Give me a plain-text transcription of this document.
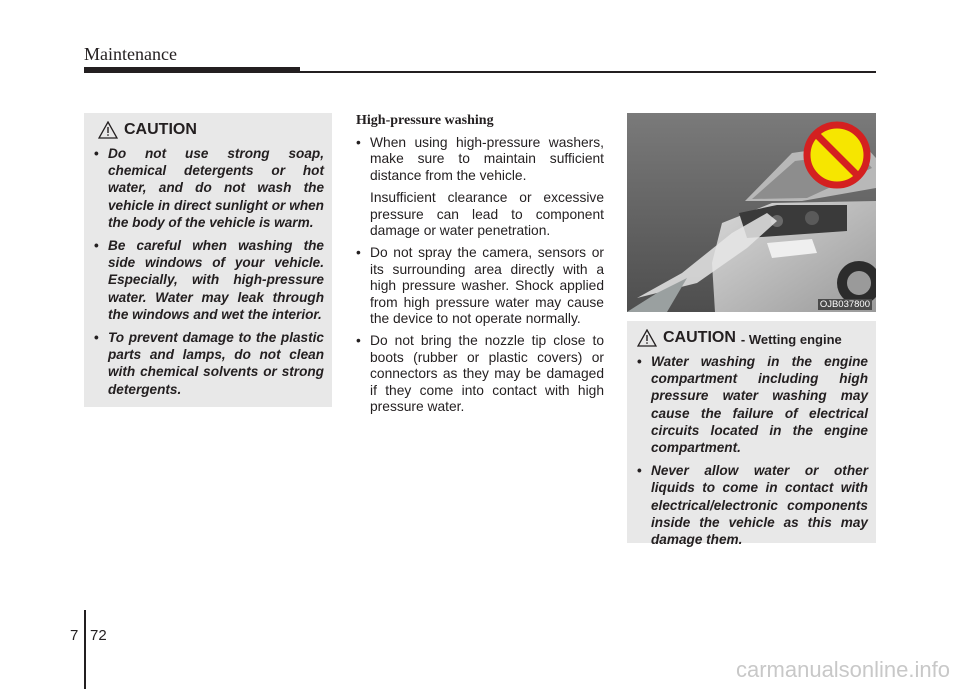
Maintenance
CAUTION
• Do not use strong soap, chemical detergents or hot water, and do not wash the vehicle in direct sunlight or when the body of the vehicle is warm.
• Be careful when washing the side windows of your vehicle. Especially, with high-pressure water. Water may leak through the windows and wet the interior.
• To prevent damage to the plastic parts and lamps, do not clean with chemical solvents or strong detergents.
High-pressure washing
• When using high-pressure washers, make sure to maintain sufficient distance from the vehicle.

Insufficient clearance or excessive pressure can lead to component damage or water penetration.

• Do not spray the camera, sensors or its surrounding area directly with a high pressure washer. Shock applied from high pressure water may cause the device to not operate normally.
• Do not bring the nozzle tip close to boots (rubber or plastic covers) or connectors as they may be damaged if they come into contact with high pressure water.
OJB037800
CAUTION - Wetting engine
• Water washing in the engine compartment including high pressure water washing may cause the failure of electrical circuits located in the engine compartment.
• Never allow water or other liquids to come in contact with electrical/electronic components inside the vehicle as this may damage them.
7 72
carmanualsonline.info
